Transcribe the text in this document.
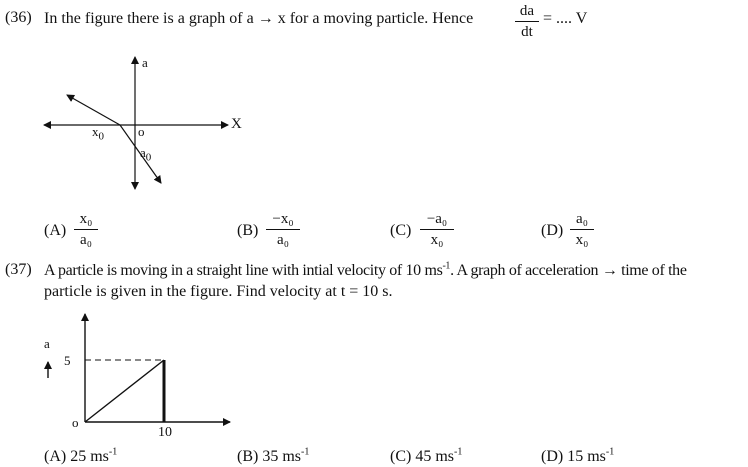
(36) In the figure there is a graph of a → x for a moving particle. Hence	da
dt
= .... V
a
X
o
$x_0$
$a_0$
(A)
x₀
a₀
(B)
−x₀
a₀
(C)
−a₀
x₀
(D)
a₀
x₀
(37) A particle is moving in a straight line with intial velocity of 10 $ms^{-1}$. A graph of acceleration → time of the
particle is given in the figure. Find velocity at t = 10 s.
a
5
o
10
(A) 25 $ms^{-1}$	(B) 35 $ms^{-1}$	(C) 45 $ms^{-1}$	(D) 15 $ms^{-1}$
